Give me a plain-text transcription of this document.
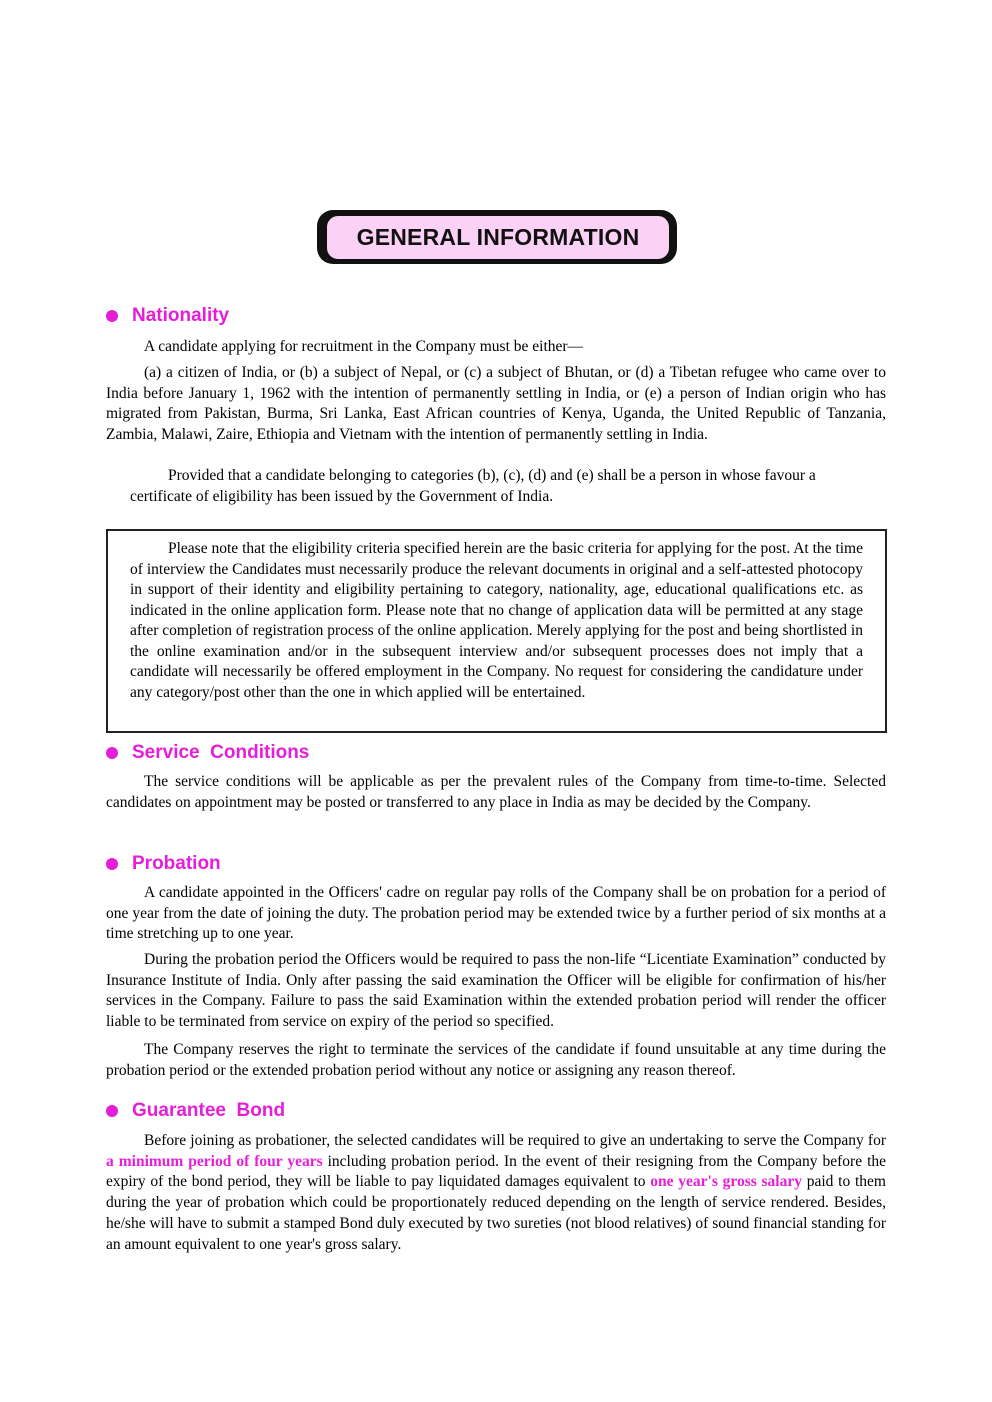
GENERAL INFORMATION
Nationality

A candidate applying for recruitment in the Company must be either—

(a) a citizen of India, or (b) a subject of Nepal, or (c) a subject of Bhutan, or (d) a Tibetan refugee who came over to India before January 1, 1962 with the intention of permanently settling in India, or (e) a person of Indian origin who has migrated from Pakistan, Burma, Sri Lanka, East African countries of Kenya, Uganda, the United Republic of Tanzania, Zambia, Malawi, Zaire, Ethiopia and Vietnam with the intention of permanently settling in India.

Provided that a candidate belonging to categories (b), (c), (d) and (e) shall be a person in whose favour a certificate of eligibility has been issued by the Government of India.

Please note that the eligibility criteria specified herein are the basic criteria for applying for the post. At the time of interview the Candidates must necessarily produce the relevant documents in original and a self-attested photocopy in support of their identity and eligibility pertaining to category, nationality, age, educational qualifications etc. as indicated in the online application form. Please note that no change of application data will be permitted at any stage after completion of registration process of the online application. Merely applying for the post and being shortlisted in the online examination and/or in the subsequent interview and/or subsequent processes does not imply that a candidate will necessarily be offered employment in the Company. No request for considering the candidature under any category/post other than the one in which applied will be entertained.

Service  Conditions

The service conditions will be applicable as per the prevalent rules of the Company from time-to-time. Selected candidates on appointment may be posted or transferred to any place in India as may be decided by the Company.

Probation

A candidate appointed in the Officers' cadre on regular pay rolls of the Company shall be on probation for a period of one year from the date of joining the duty. The probation period may be extended twice by a further period of six months at a time stretching up to one year.

During the probation period the Officers would be required to pass the non-life “Licentiate Examination” conducted by Insurance Institute of India. Only after passing the said examination the Officer will be eligible for confirmation of his/her services in the Company. Failure to pass the said Examination within the extended probation period will render the officer liable to be terminated from service on expiry of the period so specified.

The Company reserves the right to terminate the services of the candidate if found unsuitable at any time during the probation period or the extended probation period without any notice or assigning any reason thereof.

Guarantee  Bond

Before joining as probationer, the selected candidates will be required to give an undertaking to serve the Company for a minimum period of four years including probation period. In the event of their resigning from the Company before the expiry of the bond period, they will be liable to pay liquidated damages equivalent to one year's gross salary paid to them during the year of probation which could be proportionately reduced depending on the length of service rendered. Besides, he/she will have to submit a stamped Bond duly executed by two sureties (not blood relatives) of sound financial standing for an amount equivalent to one year's gross salary.
